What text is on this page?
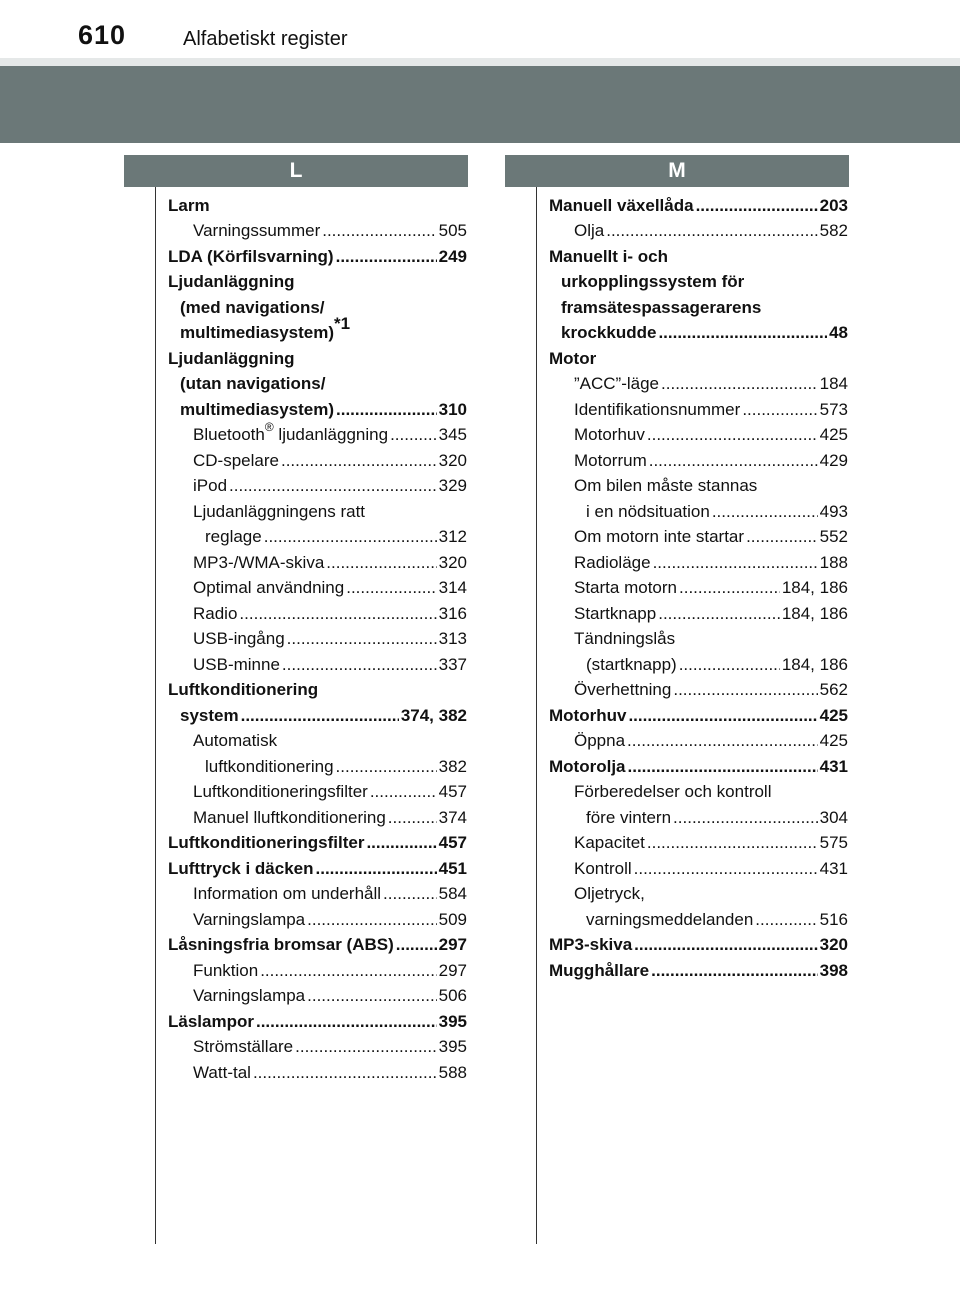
610	Alfabetiskt register
L	M
Larm
Varningssummer .....	505
LDA (Körfilsvarning) .....	249
Ljudanläggning
(med navigations/
multimediasystem)$^{*1}$
Ljudanläggning
(utan navigations/
multimediasystem) .....	310
Bluetooth® ljudanläggning .....	345
CD-spelare .....	320
iPod .....	329
Ljudanläggningens ratt
reglage .....	312
MP3-/WMA-skiva .....	320
Optimal användning .....	314
Radio .....	316
USB-ingång .....	313
USB-minne .....	337
Luftkonditionering
system .....	374, 382
Automatisk
luftkonditionering .....	382
Luftkonditioneringsfilter .....	457
Manuel lluftkonditionering .....	374
Luftkonditioneringsfilter .....	457
Lufttryck i däcken .....	451
Information om underhåll .....	584
Varningslampa .....	509
Låsningsfria bromsar (ABS) .....	297
Funktion .....	297
Varningslampa .....	506
Läslampor .....	395
Strömställare .....	395
Watt-tal .....	588
Manuell växellåda .....	203
Olja .....	582
Manuellt i- och
urkopplingssystem för
framsätespassagerarens
krockkudde .....	48
Motor
”ACC”-läge .....	184
Identifikationsnummer .....	573
Motorhuv .....	425
Motorrum .....	429
Om bilen måste stannas
i en nödsituation .....	493
Om motorn inte startar .....	552
Radioläge .....	188
Starta motorn .....	184, 186
Startknapp .....	184, 186
Tändningslås
(startknapp) .....	184, 186
Överhettning .....	562
Motorhuv .....	425
Öppna .....	425
Motorolja .....	431
Förberedelser och kontroll
före vintern .....	304
Kapacitet .....	575
Kontroll .....	431
Oljetryck,
varningsmeddelanden .....	516
MP3-skiva .....	320
Mugghållare .....	398
